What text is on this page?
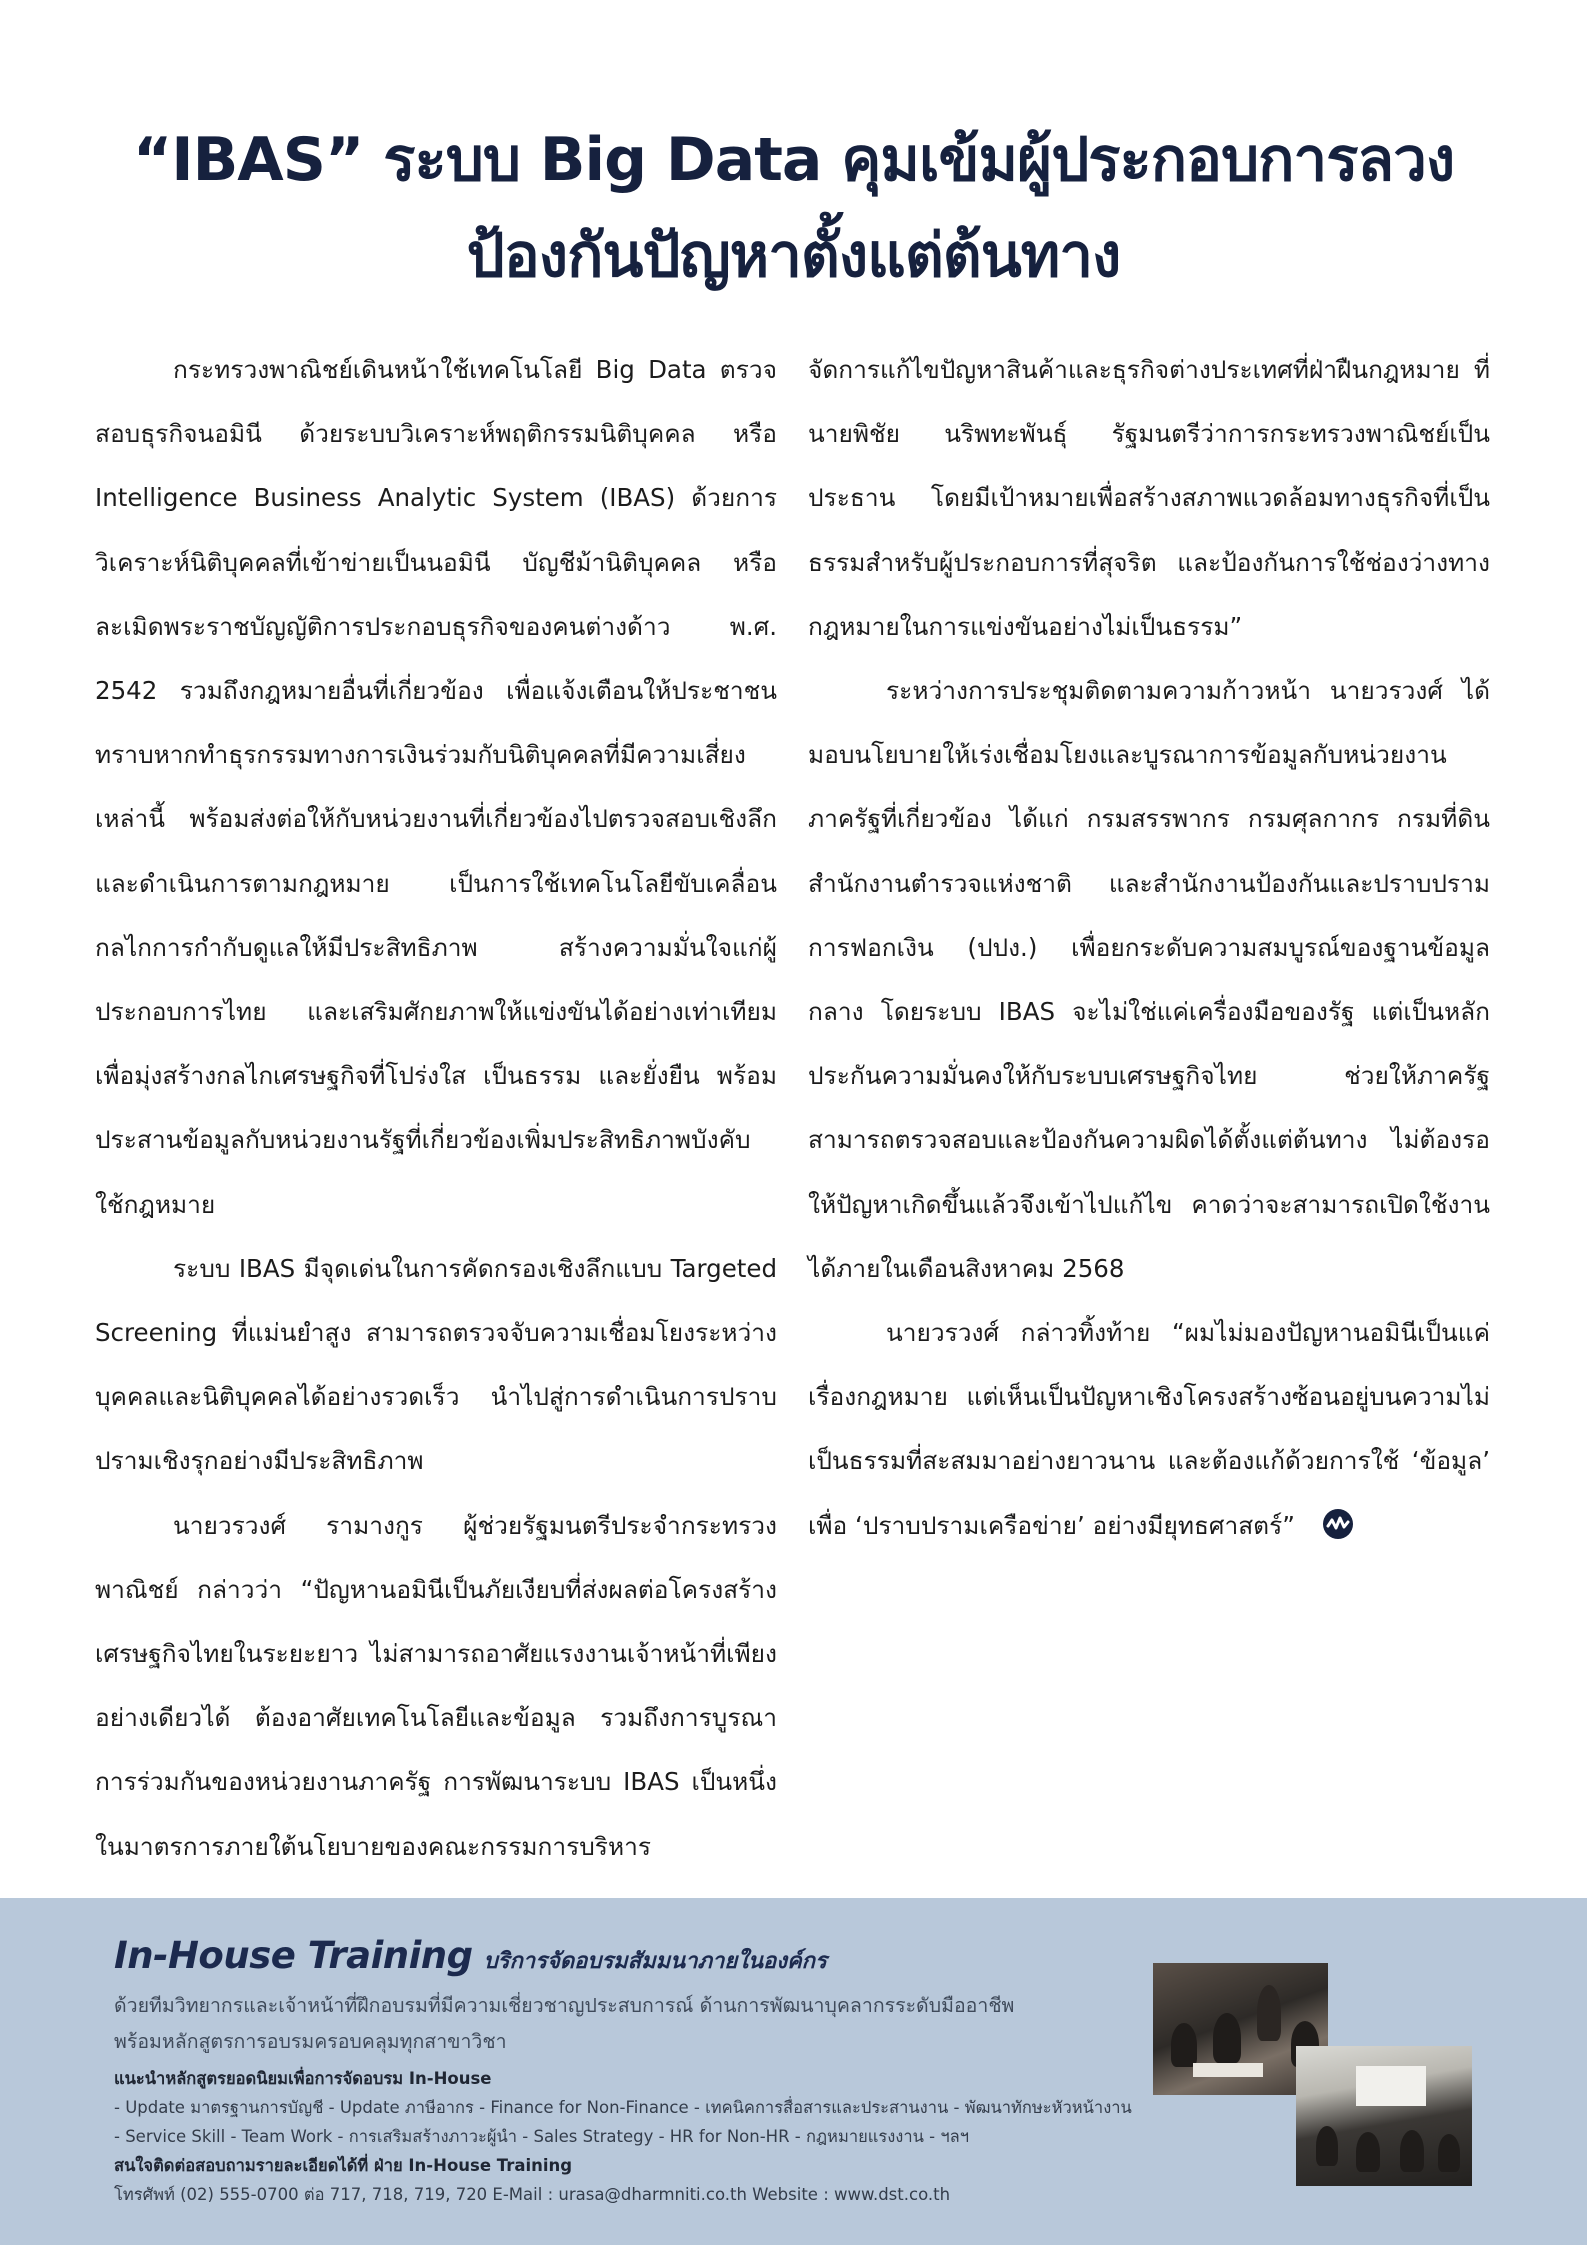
“IBAS” ระบบ Big Data คุมเข้มผู้ประกอบการลวง
ป้องกันปัญหาตั้งแต่ต้นทาง

กระทรวงพาณิชย์เดินหน้าใช้เทคโนโลยี Big Data ตรวจสอบธุรกิจนอมินี ด้วยระบบวิเคราะห์พฤติกรรมนิติบุคคล หรือ Intelligence Business Analytic System (IBAS) ด้วยการวิเคราะห์นิติบุคคลที่เข้าข่ายเป็นนอมินี บัญชีม้านิติบุคคล หรือละเมิดพระราชบัญญัติการประกอบธุรกิจของคนต่างด้าว พ.ศ. 2542 รวมถึงกฎหมายอื่นที่เกี่ยวข้อง เพื่อแจ้งเตือนให้ประชาชนทราบหากทำธุรกรรมทางการเงินร่วมกับนิติบุคคลที่มีความเสี่ยงเหล่านี้ พร้อมส่งต่อให้กับหน่วยงานที่เกี่ยวข้องไปตรวจสอบเชิงลึก และดำเนินการตามกฎหมาย เป็นการใช้เทคโนโลยีขับเคลื่อนกลไกการกำกับดูแลให้มีประสิทธิภาพ สร้างความมั่นใจแก่ผู้ประกอบการไทย และเสริมศักยภาพให้แข่งขันได้อย่างเท่าเทียมเพื่อมุ่งสร้างกลไกเศรษฐกิจที่โปร่งใส เป็นธรรม และยั่งยืน พร้อมประสานข้อมูลกับหน่วยงานรัฐที่เกี่ยวข้องเพิ่มประสิทธิภาพบังคับใช้กฎหมาย

ระบบ IBAS มีจุดเด่นในการคัดกรองเชิงลึกแบบ Targeted Screening ที่แม่นยำสูง สามารถตรวจจับความเชื่อมโยงระหว่างบุคคลและนิติบุคคลได้อย่างรวดเร็ว นำไปสู่การดำเนินการปราบปรามเชิงรุกอย่างมีประสิทธิภาพ

นายวรวงศ์ รามางกูร ผู้ช่วยรัฐมนตรีประจำกระทรวงพาณิชย์ กล่าวว่า “ปัญหานอมินีเป็นภัยเงียบที่ส่งผลต่อโครงสร้างเศรษฐกิจไทยในระยะยาว ไม่สามารถอาศัยแรงงานเจ้าหน้าที่เพียงอย่างเดียวได้ ต้องอาศัยเทคโนโลยีและข้อมูล รวมถึงการบูรณาการร่วมกันของหน่วยงานภาครัฐ การพัฒนาระบบ IBAS เป็นหนึ่งในมาตรการภายใต้นโยบายของคณะกรรมการบริหาร

จัดการแก้ไขปัญหาสินค้าและธุรกิจต่างประเทศที่ฝ่าฝืนกฎหมาย ที่นายพิชัย นริพทะพันธุ์ รัฐมนตรีว่าการกระทรวงพาณิชย์เป็นประธาน โดยมีเป้าหมายเพื่อสร้างสภาพแวดล้อมทางธุรกิจที่เป็นธรรมสำหรับผู้ประกอบการที่สุจริต และป้องกันการใช้ช่องว่างทางกฎหมายในการแข่งขันอย่างไม่เป็นธรรม”

ระหว่างการประชุมติดตามความก้าวหน้า นายวรวงศ์ ได้มอบนโยบายให้เร่งเชื่อมโยงและบูรณาการข้อมูลกับหน่วยงานภาครัฐที่เกี่ยวข้อง ได้แก่ กรมสรรพากร กรมศุลกากร กรมที่ดิน สำนักงานตำรวจแห่งชาติ และสำนักงานป้องกันและปราบปรามการฟอกเงิน (ปปง.) เพื่อยกระดับความสมบูรณ์ของฐานข้อมูลกลาง โดยระบบ IBAS จะไม่ใช่แค่เครื่องมือของรัฐ แต่เป็นหลักประกันความมั่นคงให้กับระบบเศรษฐกิจไทย ช่วยให้ภาครัฐสามารถตรวจสอบและป้องกันความผิดได้ตั้งแต่ต้นทาง ไม่ต้องรอให้ปัญหาเกิดขึ้นแล้วจึงเข้าไปแก้ไข คาดว่าจะสามารถเปิดใช้งานได้ภายในเดือนสิงหาคม 2568

นายวรวงศ์ กล่าวทิ้งท้าย “ผมไม่มองปัญหานอมินีเป็นแค่เรื่องกฎหมาย แต่เห็นเป็นปัญหาเชิงโครงสร้างซ้อนอยู่บนความไม่เป็นธรรมที่สะสมมาอย่างยาวนาน และต้องแก้ด้วยการใช้ ‘ข้อมูล’ เพื่อ ‘ปราบปรามเครือข่าย’ อย่างมียุทธศาสตร์”

In-House Training บริการจัดอบรมสัมมนาภายในองค์กร
ด้วยทีมวิทยากรและเจ้าหน้าที่ฝึกอบรมที่มีความเชี่ยวชาญประสบการณ์ ด้านการพัฒนาบุคลากรระดับมืออาชีพ
พร้อมหลักสูตรการอบรมครอบคลุมทุกสาขาวิชา
แนะนำหลักสูตรยอดนิยมเพื่อการจัดอบรม In-House
- Update มาตรฐานการบัญชี - Update ภาษีอากร - Finance for Non-Finance - เทคนิคการสื่อสารและประสานงาน - พัฒนาทักษะหัวหน้างาน
- Service Skill - Team Work - การเสริมสร้างภาวะผู้นำ - Sales Strategy - HR for Non-HR - กฎหมายแรงงาน - ฯลฯ
สนใจติดต่อสอบถามรายละเอียดได้ที่ ฝ่าย In-House Training
โทรศัพท์ (02) 555-0700 ต่อ 717, 718, 719, 720 E-Mail : urasa@dharmniti.co.th Website : www.dst.co.th
